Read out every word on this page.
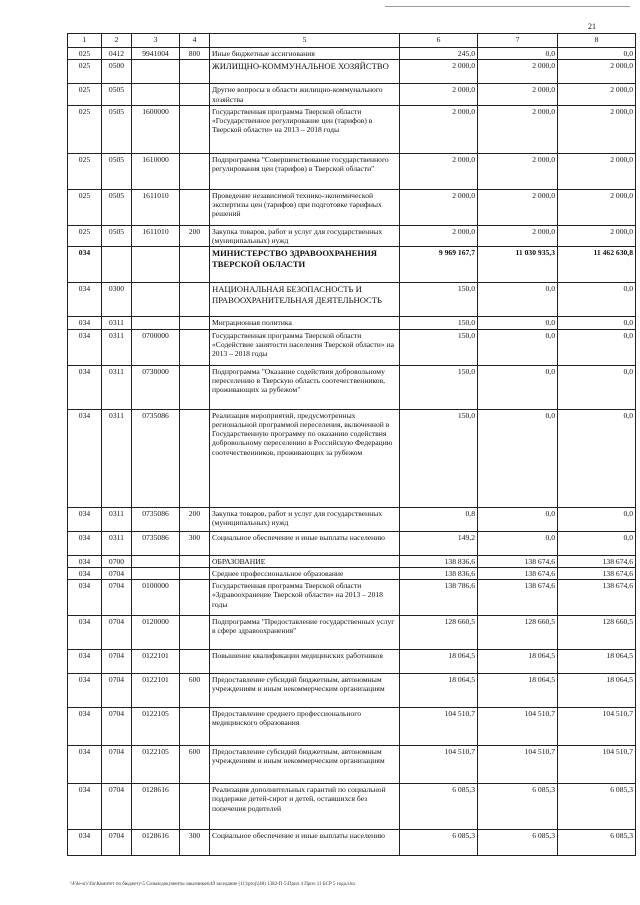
21
1	2	3	4	5	6	7	8
025	0412	9941004	800	Иные бюджетные ассигнования	245,0	0,0	0,0
025	0500			ЖИЛИЩНО-КОММУНАЛЬНОЕ ХОЗЯЙСТВО	2 000,0	2 000,0	2 000,0
025	0505			Другие вопросы в области жилищно-коммунального хозяйства	2 000,0	2 000,0	2 000,0
025	0505	1600000		Государственная программа Тверской области «Государственное регулирование цен (тарифов) в Тверской области» на 2013 – 2018 годы	2 000,0	2 000,0	2 000,0
025	0505	1610000		Подпрограмма "Совершенствование государственного регулирования цен (тарифов) в Тверской области"	2 000,0	2 000,0	2 000,0
025	0505	1611010		Проведение независимой технико-экономической экспертизы цен (тарифов) при подготовке тарифных решений	2 000,0	2 000,0	2 000,0
025	0505	1611010	200	Закупка товаров, работ и услуг для государственных (муниципальных) нужд	2 000,0	2 000,0	2 000,0
034				МИНИСТЕРСТВО ЗДРАВООХРАНЕНИЯ ТВЕРСКОЙ ОБЛАСТИ	9 969 167,7	11 030 935,3	11 462 630,8
034	0300			НАЦИОНАЛЬНАЯ БЕЗОПАСНОСТЬ И ПРАВООХРАНИТЕЛЬНАЯ ДЕЯТЕЛЬНОСТЬ	150,0	0,0	0,0
034	0311			Миграционная политика	150,0	0,0	0,0
034	0311	0700000		Государственная программа Тверской области «Содействие занятости населения Тверской области» на 2013 – 2018 годы	150,0	0,0	0,0
034	0311	0730000		Подпрограмма "Оказание содействия добровольному переселению в Тверскую область соотечественников, проживающих за рубежом"	150,0	0,0	0,0
034	0311	0735086		Реализация мероприятий, предусмотренных региональной программой переселения, включенной в Государственную программу по оказанию содействия добровольному переселению в Российскую Федерацию соотечественников, проживающих за рубежом	150,0	0,0	0,0
034	0311	0735086	200	Закупка товаров, работ и услуг для государственных (муниципальных) нужд	0,8	0,0	0,0
034	0311	0735086	300	Социальное обеспечение и иные выплаты населению	149,2	0,0	0,0
034	0700			ОБРАЗОВАНИЕ	138 836,6	138 674,6	138 674,6
034	0704			Среднее профессиональное образование	138 836,6	138 674,6	138 674,6
034	0704	0100000		Государственная программа Тверской области «Здравоохранение Тверской области» на 2013 – 2018 годы	138 786,6	138 674,6	138 674,6
034	0704	0120000		Подпрограмма "Предоставление государственных услуг в сфере здравоохранения"	128 660,5	128 660,5	128 660,5
034	0704	0122101		Повышение квалификации медицинских работников	18 064,5	18 064,5	18 064,5
034	0704	0122101	600	Предоставление субсидий бюджетным, автономным учреждениям и иным некоммерческим организациям	18 064,5	18 064,5	18 064,5
034	0704	0122105		Предоставление среднего профессионального медицинского образования	104 510,7	104 510,7	104 510,7
034	0704	0122105	600	Предоставление субсидий бюджетным, автономным учреждениям и иным некоммерческим организациям	104 510,7	104 510,7	104 510,7
034	0704	0128616		Реализация дополнительных гарантий по социальной поддержке детей-сирот и детей, оставшихся без попечения родителей	6 085,3	6 085,3	6 085,3
034	0704	0128616	300	Социальное обеспечение и иные выплаты населению	6 085,3	6 085,3	6 085,3
\\File-srv\fin\Комитет по бюджету\5 Созыв\документы заказчиков\49 заседание (11)\proj\(48) 1382-П-5\Прил 4 Прил 11 БСР 5 года.xlsx
